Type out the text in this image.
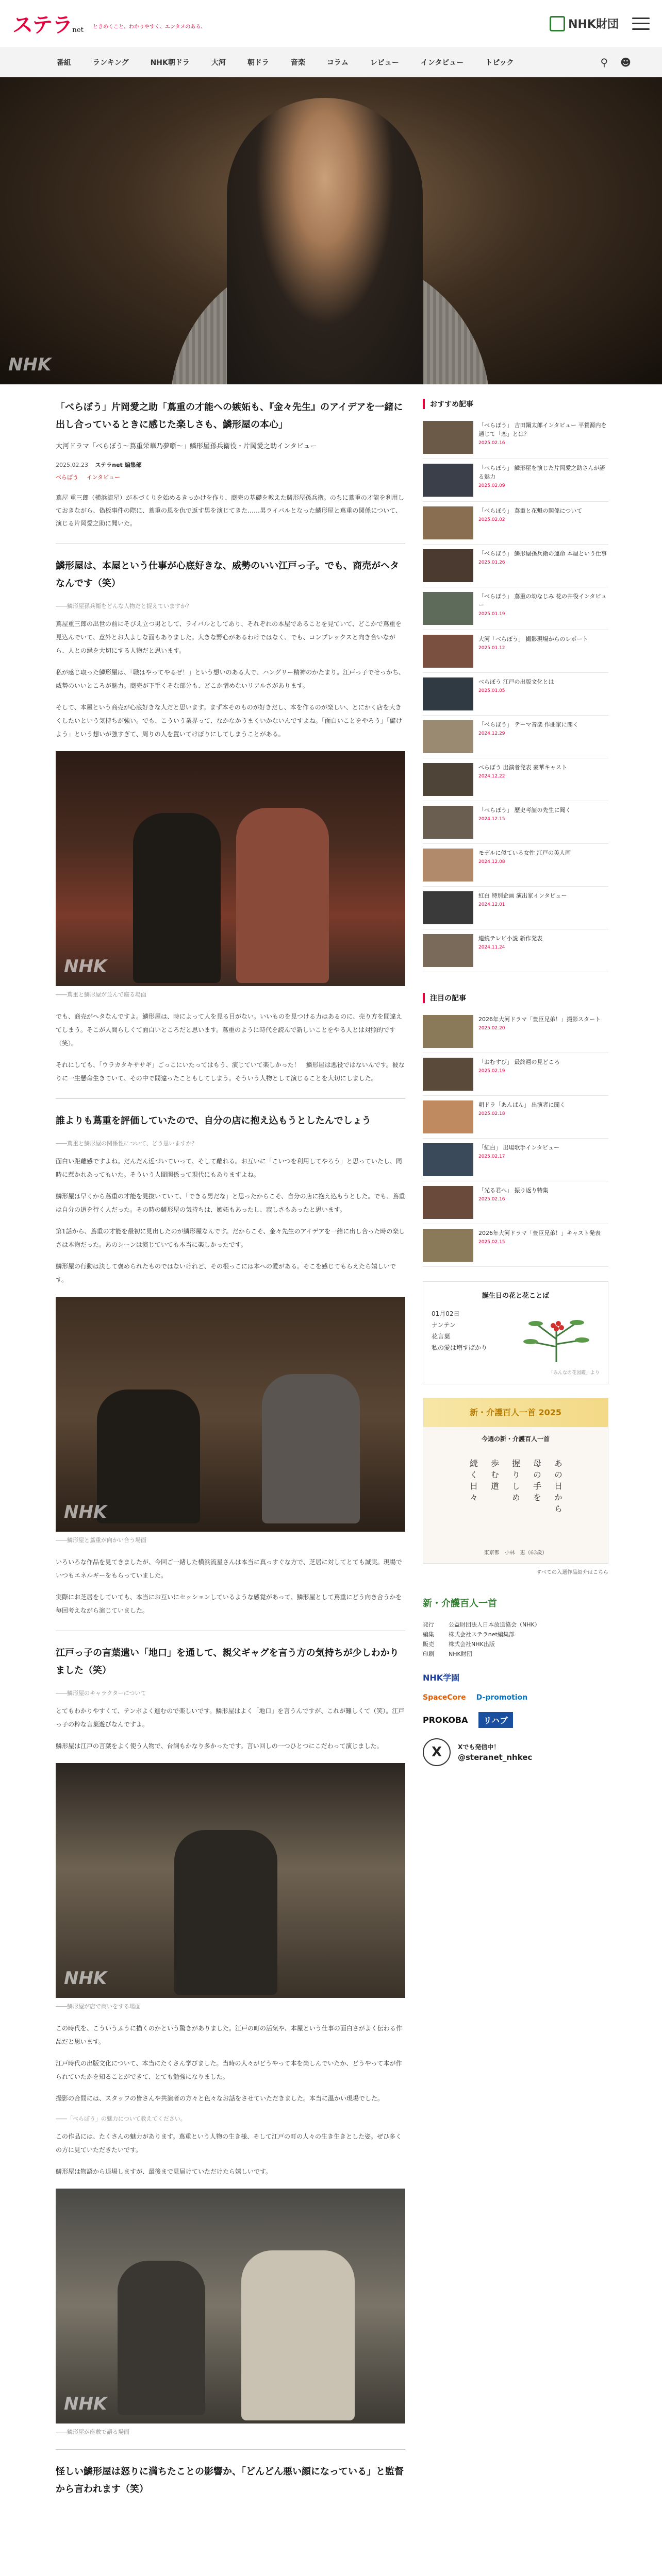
ステラnet ときめくこと。わかりやすく、エンタメのある、	NHK財団
番組	ランキング	NHK朝ドラ	大河	朝ドラ	音楽	コラム	レビュー	インタビュー	トピック	⚲ ☻
NHK
「べらぼう」片岡愛之助「蔦重の才能への嫉妬も、『金々先生』のアイデアを一緒に出し合っているときに感じた楽しさも、鱗形屋の本心」
大河ドラマ「べらぼう〜蔦重栄華乃夢噺〜」鱗形屋孫兵衛役・片岡愛之助インタビュー
2025.02.23 ステラnet 編集部
べらぼう インタビュー
蔦屋 重三郎（横浜流星）が本づくりを始めるきっかけを作り、商売の基礎を教えた鱗形屋孫兵衛。のちに蔦重の才能を利用しておきながら、偽板事件の際に、蔦重の恩を仇で返す男を演じてきた……男ライバルとなった鱗形屋と蔦重の関係について、演じる片岡愛之助に聞いた。
鱗形屋は、本屋という仕事が心底好きな、威勢のいい江戸っ子。でも、商売がヘタなんです（笑）
――鱗形屋孫兵衛をどんな人物だと捉えていますか？

蔦屋重三郎の出世の前にそびえ立つ男として、ライバルとしてあり、それぞれの本屋であることを見ていて、どこかで蔦重を見込んでいて、意外とお人よしな面もありました。大きな野心があるわけではなく、でも、コンプレックスと向き合いながら、人との縁を大切にする人物だと思います。

私が感じ取った鱗形屋は、「職はやってやるぜ！」という想いのある人で、ハングリー精神のかたまり。江戸っ子でせっかち、威勢のいいところが魅力。商売が下手くそな部分も、どこか憎めないリアルさがあります。

そして、本屋という商売が心底好きな人だと思います。まず本そのものが好きだし、本を作るのが楽しい、とにかく店を大きくしたいという気持ちが強い。でも、こういう業界って、なかなかうまくいかないんですよね。「面白いことをやろう」「儲けよう」という想いが強すぎて、周りの人を置いてけぼりにしてしまうことがある。

NHK
――蔦重と鱗形屋が並んで座る場面

でも、商売がヘタなんですよ。鱗形屋は、時によって人を見る目がない。いいものを見つける力はあるのに、売り方を間違えてしまう。そこが人間らしくて面白いところだと思います。蔦重のように時代を読んで新しいことをやる人とは対照的です（笑）。

それにしても、「ウラカタキササギ」ごっこにいたってはもう、演じていて楽しかった！　鱗形屋は悪役ではないんです。彼なりに一生懸命生きていて、その中で間違ったこともしてしまう。そういう人物として演じることを大切にしました。

誰よりも蔦重を評価していたので、自分の店に抱え込もうとしたんでしょう
――蔦重と鱗形屋の関係性について、どう思いますか？

面白い距離感ですよね。だんだん近づいていって、そして離れる。お互いに「こいつを利用してやろう」と思っていたし、同時に惹かれあってもいた。そういう人間関係って現代にもありますよね。

鱗形屋は早くから蔦重の才能を見抜いていて、「できる男だな」と思ったからこそ、自分の店に抱え込もうとした。でも、蔦重は自分の道を行く人だった。その時の鱗形屋の気持ちは、嫉妬もあったし、寂しさもあったと思います。

第1話から、蔦重の才能を最初に見出したのが鱗形屋なんです。だからこそ、金々先生のアイデアを一緒に出し合った時の楽しさは本物だった。あのシーンは演じていても本当に楽しかったです。

鱗形屋の行動は決して褒められたものではないけれど、その根っこには本への愛がある。そこを感じてもらえたら嬉しいです。

NHK
――鱗形屋と蔦重が向かい合う場面

いろいろな作品を見てきましたが、今回ご一緒した横浜流星さんは本当に真っすぐな方で、芝居に対してとても誠実。現場でいつもエネルギーをもらっていました。

実際にお芝居をしていても、本当にお互いにセッションしているような感覚があって、鱗形屋として蔦重にどう向き合うかを毎回考えながら演じていました。

江戸っ子の言葉遣い「地口」を通して、親父ギャグを言う方の気持ちが少しわかりました（笑）
――鱗形屋のキャラクターについて

とてもわかりやすくて、テンポよく進むので楽しいです。鱗形屋はよく「地口」を言うんですが、これが難しくて（笑）。江戸っ子の粋な言葉遊びなんですよ。

鱗形屋は江戸の言葉をよく使う人物で、台詞もかなり多かったです。言い回しの一つひとつにこだわって演じました。

NHK
――鱗形屋が店で商いをする場面

この時代を、こういうふうに描くのかという驚きがありました。江戸の町の活気や、本屋という仕事の面白さがよく伝わる作品だと思います。

江戸時代の出版文化について、本当にたくさん学びました。当時の人々がどうやって本を楽しんでいたか、どうやって本が作られていたかを知ることができて、とても勉強になりました。

撮影の合間には、スタッフの皆さんや共演者の方々と色々なお話をさせていただきました。本当に温かい現場でした。

――「べらぼう」の魅力について教えてください。

この作品には、たくさんの魅力があります。蔦重という人物の生き様、そして江戸の町の人々の生き生きとした姿。ぜひ多くの方に見ていただきたいです。

鱗形屋は物語から退場しますが、最後まで見届けていただけたら嬉しいです。

NHK
――鱗形屋が座敷で語る場面
怪しい鱗形屋は怒りに満ちたことの影響か、「どんどん悪い顔になっている」と監督から言われます（笑）
おすすめ記事
「べらぼう」 吉田鋼太郎インタビュー 平賀源内を通じて「恋」とは？
2025.02.16
「べらぼう」 鱗形屋を演じた片岡愛之助さんが語る魅力
2025.02.09
「べらぼう」 蔦重と花魁の関係について
2025.02.02
「べらぼう」 鱗形屋孫兵衛の運命 本屋という仕事
2025.01.26
「べらぼう」 蔦重の幼なじみ 花の井役インタビュー
2025.01.19
大河「べらぼう」 撮影現場からのレポート
2025.01.12
べらぼう 江戸の出版文化とは
2025.01.05
「べらぼう」 テーマ音楽 作曲家に聞く
2024.12.29
べらぼう 出演者発表 豪華キャスト
2024.12.22
「べらぼう」 歴史考証の先生に聞く
2024.12.15
モデルに似ている女性 江戸の美人画
2024.12.08
紅白 特別企画 演出家インタビュー
2024.12.01
連続テレビ小説 新作発表
2024.11.24
注目の記事
2026年大河ドラマ「豊臣兄弟！」撮影スタート
2025.02.20
「おむすび」 最終週の見どころ
2025.02.19
朝ドラ「あんぱん」 出演者に聞く
2025.02.18
「紅白」 出場歌手インタビュー
2025.02.17
「光る君へ」 振り返り特集
2025.02.16
2026年大河ドラマ「豊臣兄弟！」キャスト発表
2025.02.15
誕生日の花と花ことば
01月02日
ナンテン
花言葉
私の愛は増すばかり
「みんなの花図鑑」より
新・介護百人一首 2025
今週の新・介護百人一首
続く日々 歩む道 握りしめ 母の手を あの日から
東京都　小林　恵（63歳）
すべての入選作品紹介はこちら
新・介護百人一首
発行	公益財団法人日本放送協会（NHK）
編集	株式会社ステラnet編集部
販売	株式会社NHK出版
印刷	NHK財団
NHK学園
SpaceCore D-promotion
PROKOBA	リハブ
X	Xでも発信中！
@steranet_nhkec
